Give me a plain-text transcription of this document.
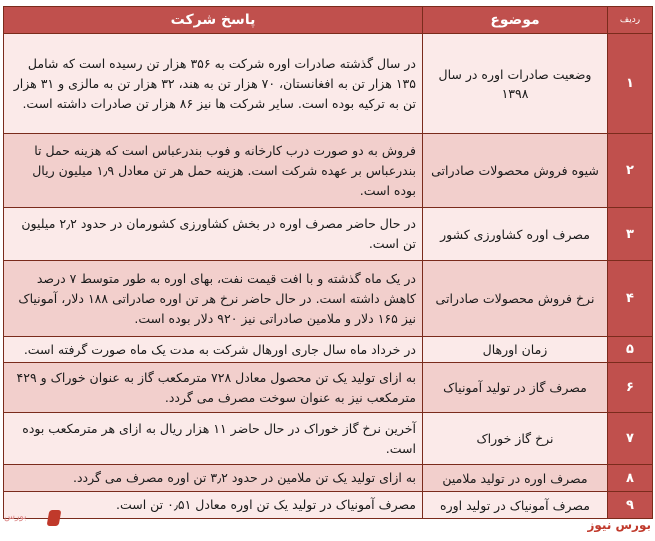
ردیف	موضوع	پاسخ شرکت
۱	وضعیت صادرات اوره در سال ۱۳۹۸	در سال گذشته صادرات اوره شرکت به ۳۵۶ هزار تن رسیده است که شامل ۱۳۵ هزار تن به افغانستان، ۷۰ هزار تن به هند، ۳۲ هزار تن به مالزی و ۳۱ هزار تن به ترکیه بوده است. سایر شرکت ها نیز ۸۶ هزار تن صادرات داشته است.
۲	شیوه فروش محصولات صادراتی	فروش به دو صورت درب کارخانه و فوب بندرعباس است که هزینه حمل تا بندرعباس بر عهده شرکت است. هزینه حمل هر تن معادل ۱٫۹ میلیون ریال بوده است.
۳	مصرف اوره کشاورزی کشور	در حال حاضر مصرف اوره در بخش کشاورزی کشورمان در حدود ۲٫۲ میلیون تن است.
۴	نرخ فروش محصولات صادراتی	در یک ماه گذشته و با افت قیمت نفت، بهای اوره به طور متوسط ۷ درصد کاهش داشته است. در حال حاضر نرخ هر تن اوره صادراتی ۱۸۸ دلار، آمونیاک نیز ۱۶۵ دلار و ملامین صادراتی نیز ۹۲۰ دلار بوده است.
۵	زمان اورهال	در خرداد ماه سال جاری اورهال شرکت به مدت یک ماه صورت گرفته است.
۶	مصرف گاز در تولید آمونیاک	به ازای تولید یک تن محصول معادل ۷۲۸ مترمکعب گاز به عنوان خوراک و ۴۲۹ مترمکعب نیز به عنوان سوخت مصرف می گردد.
۷	نرخ گاز خوراک	آخرین نرخ گاز خوراک در حال حاضر ۱۱ هزار ریال به ازای هر مترمکعب بوده است.
۸	مصرف اوره در تولید ملامین	به ازای تولید یک تن ملامین در حدود ۳٫۲ تن اوره مصرف می گردد.
۹	مصرف آمونیاک در تولید اوره	مصرف آمونیاک در تولید یک تن اوره معادل ۰٫۵۱ تن است.
بورس
بورس نیوز
